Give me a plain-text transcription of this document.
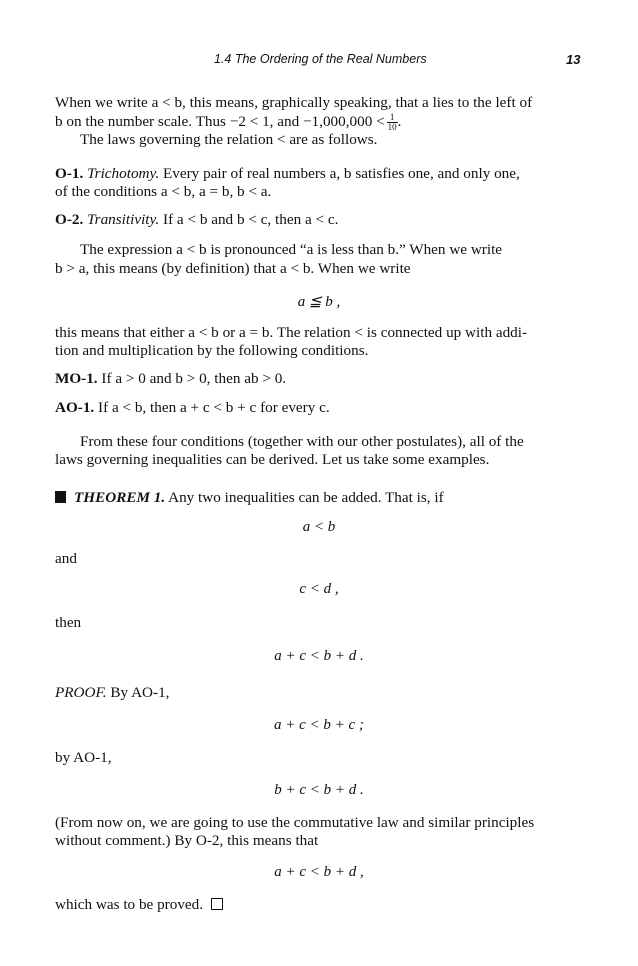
1.4 The Ordering of the Real Numbers	13
When we write a < b, this means, graphically speaking, that a lies to the left of
b on the number scale. Thus −2 < 1, and $-1,000,000 < \frac{1}{10}$ .
The laws governing the relation < are as follows.
O-1. Trichotomy. Every pair of real numbers a, b satisfies one, and only one,
of the conditions a < b, a = b, b < a.
O-2. Transitivity. If a < b and b < c, then a < c.
The expression a < b is pronounced “a is less than b.” When we write
b > a, this means (by definition) that a < b. When we write
a ≦ b ,
this means that either a < b or a = b. The relation < is connected up with addi-
tion and multiplication by the following conditions.
MO-1. If a > 0 and b > 0, then ab > 0.
AO-1. If a < b, then a + c < b + c for every c.
From these four conditions (together with our other postulates), all of the
laws governing inequalities can be derived. Let us take some examples.
THEOREM 1. Any two inequalities can be added. That is, if
a < b
and
c < d ,
then
a + c < b + d .
PROOF. By AO-1,
a + c < b + c ;
by AO-1,
b + c < b + d .
(From now on, we are going to use the commutative law and similar principles
without comment.) By O-2, this means that
a + c < b + d ,
which was to be proved.
